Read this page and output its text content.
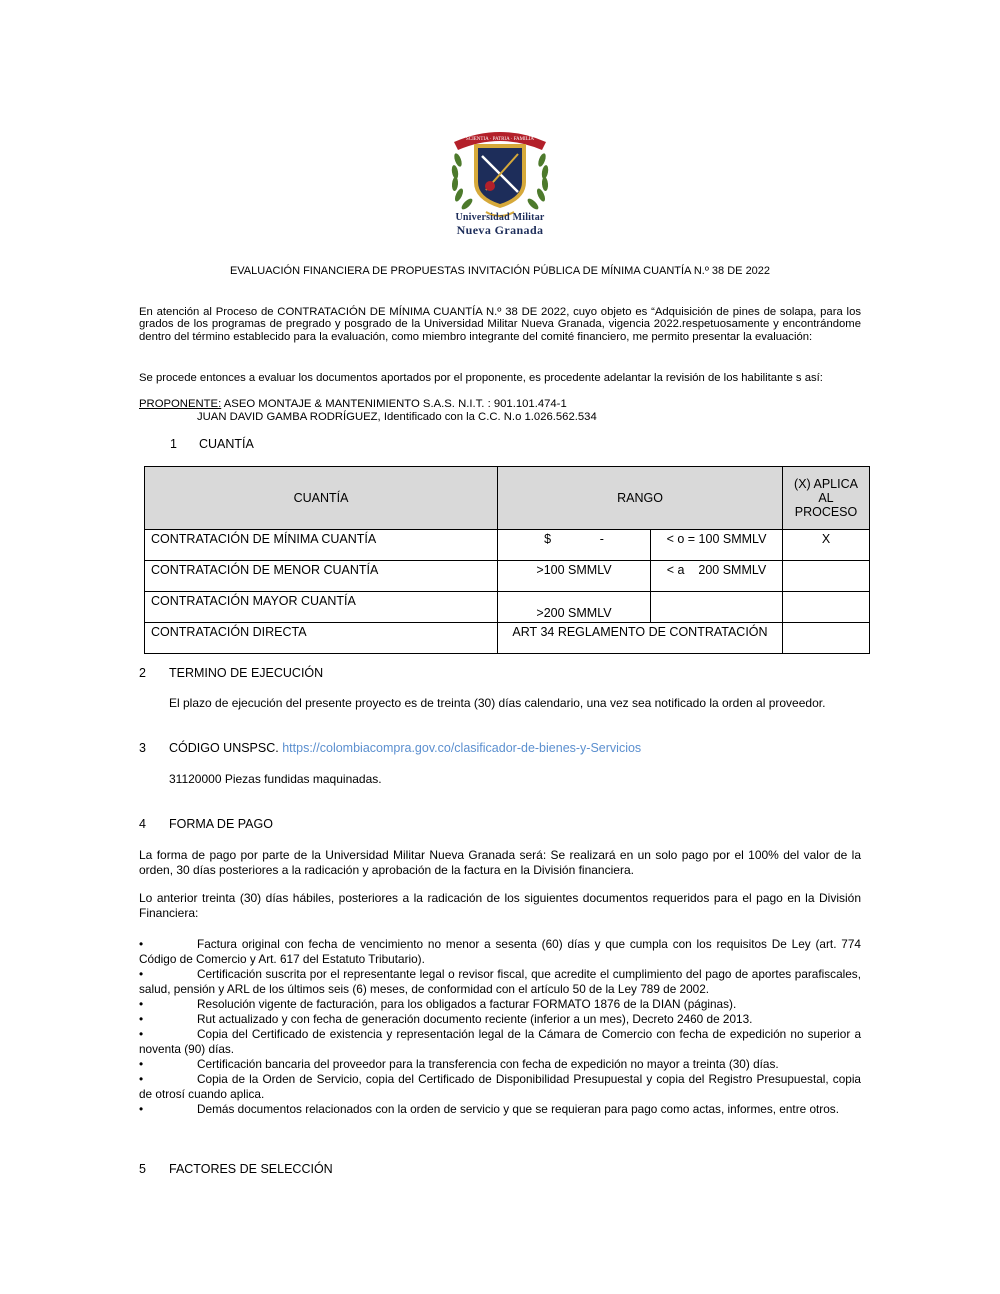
SCIENTIA · PATRIA · FAMILIA
Universidad Militar
Nueva Granada
EVALUACIÓN FINANCIERA DE PROPUESTAS INVITACIÓN PÚBLICA DE MÍNIMA CUANTÍA N.º 38 DE 2022
En atención al Proceso de CONTRATACIÓN DE MÍNIMA CUANTÍA N.º 38 DE 2022, cuyo objeto es “Adquisición de pines de solapa, para los grados de los programas de pregrado y posgrado de la Universidad Militar Nueva Granada, vigencia 2022.respetuosamente y encontrándome dentro del término establecido para la evaluación, como miembro integrante del comité financiero, me permito presentar la evaluación:
Se procede entonces a evaluar los documentos aportados por el proponente, es procedente adelantar la revisión de los habilitante s así:
PROPONENTE: ASEO MONTAJE & MANTENIMIENTO S.A.S. N.I.T. : 901.101.474-1
JUAN DAVID GAMBA RODRÍGUEZ, Identificado con la C.C. N.o 1.026.562.534
1 CUANTÍA
CUANTÍA	RANGO		(X) APLICA AL PROCESO
CONTRATACIÓN DE MÍNIMA CUANTÍA	$              -	< o = 100 SMMLV	X
CONTRATACIÓN DE MENOR CUANTÍA	>100 SMMLV	< a    200 SMMLV	
CONTRATACIÓN MAYOR CUANTÍA	>200 SMMLV		
CONTRATACIÓN DIRECTA	ART 34 REGLAMENTO DE CONTRATACIÓN		
2 TERMINO DE EJECUCIÓN
El plazo de ejecución del presente proyecto es de treinta (30) días calendario, una vez sea notificado la orden al proveedor.
3 CÓDIGO UNSPSC. https://colombiacompra.gov.co/clasificador-de-bienes-y-Servicios
31120000 Piezas fundidas maquinadas.
4 FORMA DE PAGO
La forma de pago por parte de la Universidad Militar Nueva Granada será: Se realizará en un solo pago por el 100% del valor de la orden, 30 días posteriores a la radicación y aprobación de la factura en la División financiera.
Lo anterior treinta (30) días hábiles, posteriores a la radicación de los siguientes documentos requeridos para el pago en la División Financiera:
•	Factura original con fecha de vencimiento no menor a sesenta (60) días y que cumpla con los requisitos De Ley (art. 774 Código de Comercio y Art. 617 del Estatuto Tributario).
•	Certificación suscrita por el representante legal o revisor fiscal, que acredite el cumplimiento del pago de aportes parafiscales, salud, pensión y ARL de los últimos seis (6) meses, de conformidad con el artículo 50 de la Ley 789 de 2002.
•	Resolución vigente de facturación, para los obligados a facturar FORMATO 1876 de la DIAN (páginas).
•	Rut actualizado y con fecha de generación documento reciente (inferior a un mes), Decreto 2460 de 2013.
•	Copia del Certificado de existencia y representación legal de la Cámara de Comercio con fecha de expedición no superior a noventa (90) días.
•	Certificación bancaria del proveedor para la transferencia con fecha de expedición no mayor a treinta (30) días.
•	Copia de la Orden de Servicio, copia del Certificado de Disponibilidad Presupuestal y copia del Registro Presupuestal, copia de otrosí cuando aplica.
•	Demás documentos relacionados con la orden de servicio y que se requieran para pago como actas, informes, entre otros.
5 FACTORES DE SELECCIÓN
